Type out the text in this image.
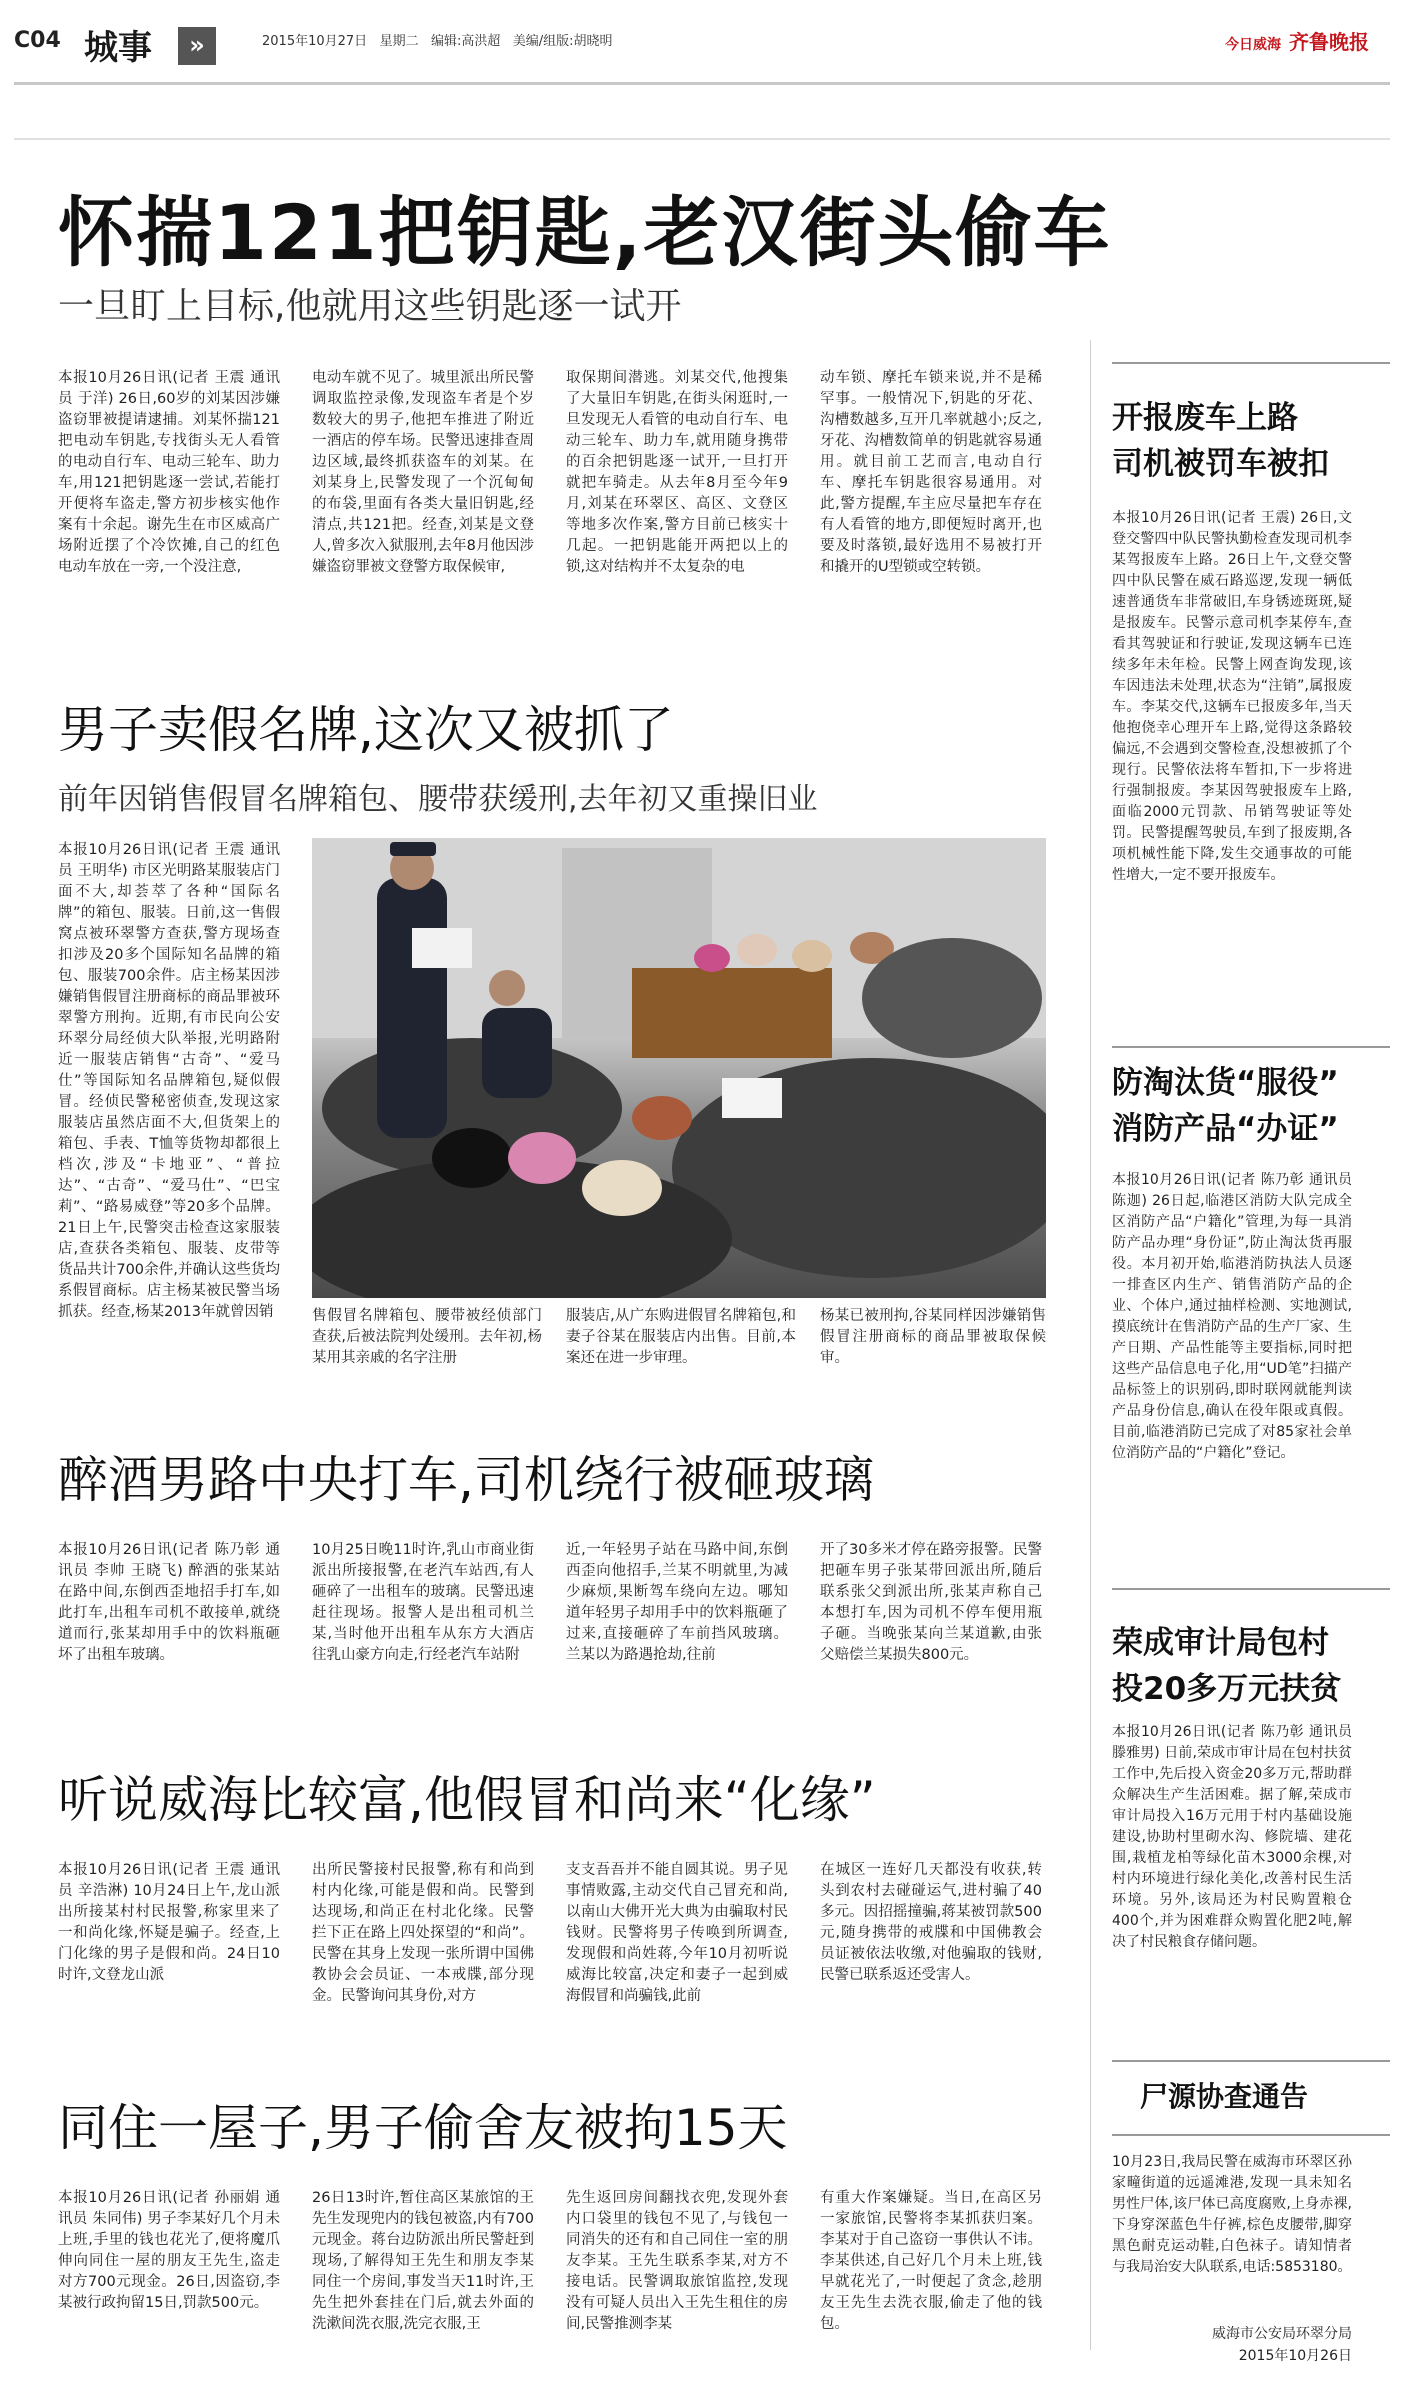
C04 城事	»	2015年10月27日   星期二   编辑:高洪超   美编/组版:胡晓明	今日威海 齐鲁晚报
怀揣121把钥匙,老汉街头偷车
一旦盯上目标,他就用这些钥匙逐一试开
本报10月26日讯(记者 王震 通讯员 于洋) 26日,60岁的刘某因涉嫌盗窃罪被提请逮捕。刘某怀揣121把电动车钥匙,专找街头无人看管的电动自行车、电动三轮车、助力车,用121把钥匙逐一尝试,若能打开便将车盗走,警方初步核实他作案有十余起。谢先生在市区威高广场附近摆了个冷饮摊,自己的红色电动车放在一旁,一个没注意,
电动车就不见了。城里派出所民警调取监控录像,发现盗车者是个岁数较大的男子,他把车推进了附近一酒店的停车场。民警迅速排查周边区域,最终抓获盗车的刘某。在刘某身上,民警发现了一个沉甸甸的布袋,里面有各类大量旧钥匙,经清点,共121把。经查,刘某是文登人,曾多次入狱服刑,去年8月他因涉嫌盗窃罪被文登警方取保候审,
取保期间潜逃。刘某交代,他搜集了大量旧车钥匙,在街头闲逛时,一旦发现无人看管的电动自行车、电动三轮车、助力车,就用随身携带的百余把钥匙逐一试开,一旦打开就把车骑走。从去年8月至今年9月,刘某在环翠区、高区、文登区等地多次作案,警方目前已核实十几起。一把钥匙能开两把以上的锁,这对结构并不太复杂的电
动车锁、摩托车锁来说,并不是稀罕事。一般情况下,钥匙的牙花、沟槽数越多,互开几率就越小;反之,牙花、沟槽数简单的钥匙就容易通用。就目前工艺而言,电动自行车、摩托车钥匙很容易通用。对此,警方提醒,车主应尽量把车存在有人看管的地方,即便短时离开,也要及时落锁,最好选用不易被打开和撬开的U型锁或空转锁。
男子卖假名牌,这次又被抓了
前年因销售假冒名牌箱包、腰带获缓刑,去年初又重操旧业
本报10月26日讯(记者 王震 通讯员 王明华) 市区光明路某服装店门面不大,却荟萃了各种“国际名牌”的箱包、服装。日前,这一售假窝点被环翠警方查获,警方现场查扣涉及20多个国际知名品牌的箱包、服装700余件。店主杨某因涉嫌销售假冒注册商标的商品罪被环翠警方刑拘。近期,有市民向公安环翠分局经侦大队举报,光明路附近一服装店销售“古奇”、“爱马仕”等国际知名品牌箱包,疑似假冒。经侦民警秘密侦查,发现这家服装店虽然店面不大,但货架上的箱包、手表、T恤等货物却都很上档次,涉及“卡地亚”、“普拉达”、“古奇”、“爱马仕”、“巴宝莉”、“路易威登”等20多个品牌。21日上午,民警突击检查这家服装店,查获各类箱包、服装、皮带等货品共计700余件,并确认这些货均系假冒商标。店主杨某被民警当场抓获。经查,杨某2013年就曾因销	售假冒名牌箱包、腰带被经侦部门查获,后被法院判处缓刑。去年初,杨某用其亲戚的名字注册
服装店,从广东购进假冒名牌箱包,和妻子谷某在服装店内出售。目前,本案还在进一步审理。
杨某已被刑拘,谷某同样因涉嫌销售假冒注册商标的商品罪被取保候审。
醉酒男路中央打车,司机绕行被砸玻璃
本报10月26日讯(记者 陈乃彰 通讯员 李帅 王晓飞) 醉酒的张某站在路中间,东倒西歪地招手打车,如此打车,出租车司机不敢接单,就绕道而行,张某却用手中的饮料瓶砸坏了出租车玻璃。
10月25日晚11时许,乳山市商业街派出所接报警,在老汽车站西,有人砸碎了一出租车的玻璃。民警迅速赶往现场。报警人是出租司机兰某,当时他开出租车从东方大酒店往乳山豪方向走,行经老汽车站附
近,一年轻男子站在马路中间,东倒西歪向他招手,兰某不明就里,为减少麻烦,果断驾车绕向左边。哪知道年轻男子却用手中的饮料瓶砸了过来,直接砸碎了车前挡风玻璃。兰某以为路遇抢劫,往前
开了30多米才停在路旁报警。民警把砸车男子张某带回派出所,随后联系张父到派出所,张某声称自己本想打车,因为司机不停车便用瓶子砸。当晚张某向兰某道歉,由张父赔偿兰某损失800元。
听说威海比较富,他假冒和尚来“化缘”
本报10月26日讯(记者 王震 通讯员 辛浩淋) 10月24日上午,龙山派出所接某村村民报警,称家里来了一和尚化缘,怀疑是骗子。经查,上门化缘的男子是假和尚。24日10时许,文登龙山派
出所民警接村民报警,称有和尚到村内化缘,可能是假和尚。民警到达现场,和尚正在村北化缘。民警拦下正在路上四处探望的“和尚”。民警在其身上发现一张所谓中国佛教协会会员证、一本戒牒,部分现金。民警询问其身份,对方
支支吾吾并不能自圆其说。男子见事情败露,主动交代自己冒充和尚,以南山大佛开光大典为由骗取村民钱财。民警将男子传唤到所调查,发现假和尚姓蒋,今年10月初听说威海比较富,决定和妻子一起到威海假冒和尚骗钱,此前
在城区一连好几天都没有收获,转头到农村去碰碰运气,进村骗了40多元。因招摇撞骗,蒋某被罚款500元,随身携带的戒牒和中国佛教会员证被依法收缴,对他骗取的钱财,民警已联系返还受害人。
同住一屋子,男子偷舍友被拘15天
本报10月26日讯(记者 孙丽娟 通讯员 朱同伟) 男子李某好几个月未上班,手里的钱也花光了,便将魔爪伸向同住一屋的朋友王先生,盗走对方700元现金。26日,因盗窃,李某被行政拘留15日,罚款500元。
26日13时许,暂住高区某旅馆的王先生发现兜内的钱包被盗,内有700元现金。蒋台边防派出所民警赶到现场,了解得知王先生和朋友李某同住一个房间,事发当天11时许,王先生把外套挂在门后,就去外面的洗漱间洗衣服,洗完衣服,王
先生返回房间翻找衣兜,发现外套内口袋里的钱包不见了,与钱包一同消失的还有和自己同住一室的朋友李某。王先生联系李某,对方不接电话。民警调取旅馆监控,发现没有可疑人员出入王先生租住的房间,民警推测李某
有重大作案嫌疑。当日,在高区另一家旅馆,民警将李某抓获归案。李某对于自己盗窃一事供认不讳。李某供述,自己好几个月未上班,钱早就花光了,一时便起了贪念,趁朋友王先生去洗衣服,偷走了他的钱包。
开报废车上路
司机被罚车被扣
本报10月26日讯(记者 王震) 26日,文登交警四中队民警执勤检查发现司机李某驾报废车上路。26日上午,文登交警四中队民警在威石路巡逻,发现一辆低速普通货车非常破旧,车身锈迹斑斑,疑是报废车。民警示意司机李某停车,查看其驾驶证和行驶证,发现这辆车已连续多年未年检。民警上网查询发现,该车因违法未处理,状态为“注销”,属报废车。李某交代,这辆车已报废多年,当天他抱侥幸心理开车上路,觉得这条路较偏远,不会遇到交警检查,没想被抓了个现行。民警依法将车暂扣,下一步将进行强制报废。李某因驾驶报废车上路,面临2000元罚款、吊销驾驶证等处罚。民警提醒驾驶员,车到了报废期,各项机械性能下降,发生交通事故的可能性增大,一定不要开报废车。
防淘汰货“服役”
消防产品“办证”
本报10月26日讯(记者 陈乃彰 通讯员 陈迦) 26日起,临港区消防大队完成全区消防产品“户籍化”管理,为每一具消防产品办理“身份证”,防止淘汰货再服役。本月初开始,临港消防执法人员逐一排查区内生产、销售消防产品的企业、个体户,通过抽样检测、实地测试,摸底统计在售消防产品的生产厂家、生产日期、产品性能等主要指标,同时把这些产品信息电子化,用“UD笔”扫描产品标签上的识别码,即时联网就能判读产品身份信息,确认在役年限或真假。目前,临港消防已完成了对85家社会单位消防产品的“户籍化”登记。
荣成审计局包村
投20多万元扶贫
本报10月26日讯(记者 陈乃彰 通讯员 滕雅男) 日前,荣成市审计局在包村扶贫工作中,先后投入资金20多万元,帮助群众解决生产生活困难。据了解,荣成市审计局投入16万元用于村内基础设施建设,协助村里砌水沟、修院墙、建花围,栽植龙柏等绿化苗木3000余棵,对村内环境进行绿化美化,改善村民生活环境。另外,该局还为村民购置粮仓400个,并为困难群众购置化肥2吨,解决了村民粮食存储问题。
尸源协查通告
10月23日,我局民警在威海市环翠区孙家疃街道的远遥滩港,发现一具未知名男性尸体,该尸体已高度腐败,上身赤裸,下身穿深蓝色牛仔裤,棕色皮腰带,脚穿黑色耐克运动鞋,白色袜子。请知情者与我局治安大队联系,电话:5853180。
威海市公安局环翠分局
2015年10月26日
